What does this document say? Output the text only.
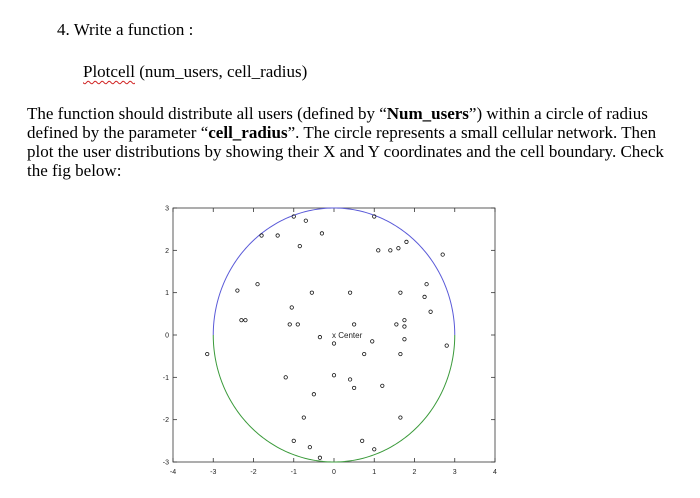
4. Write a function :
Plotcell (num_users, cell_radius)

The function should distribute all users (defined by “Num_users”) within a circle of radius defined by the parameter “cell_radius”. The circle represents a small cellular network. Then plot the user distributions by showing their X and Y coordinates and the cell boundary. Check the fig below:

-4	-3	-2	-1	0	1	2	3	4
3
2
1
0
-1
-2
-3
x Center
